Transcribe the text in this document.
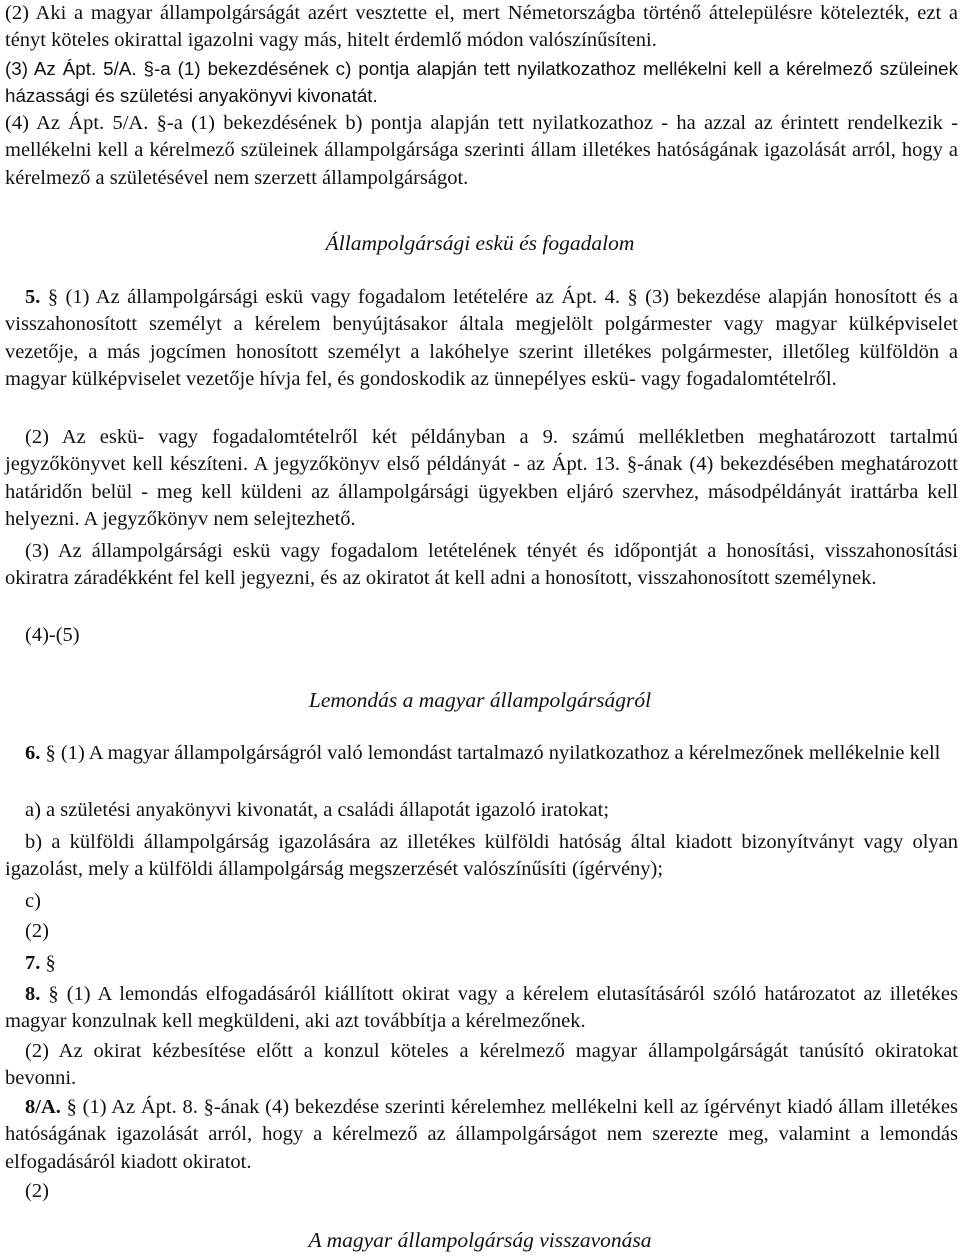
(2) Aki a magyar állampolgárságát azért vesztette el, mert Németországba történő áttelepülésre kötelezték, ezt a tényt köteles okirattal igazolni vagy más, hitelt érdemlő módon valószínűsíteni.

(3) Az Ápt. 5/A. §-a (1) bekezdésének c) pontja alapján tett nyilatkozathoz mellékelni kell a kérelmező szüleinek házassági és születési anyakönyvi kivonatát.

(4) Az Ápt. 5/A. §-a (1) bekezdésének b) pontja alapján tett nyilatkozathoz - ha azzal az érintett rendelkezik - mellékelni kell a kérelmező szüleinek állampolgársága szerinti állam illetékes hatóságának igazolását arról, hogy a kérelmező a születésével nem szerzett állampolgárságot.

Állampolgársági eskü és fogadalom

5. § (1) Az állampolgársági eskü vagy fogadalom letételére az Ápt. 4. § (3) bekezdése alapján honosított és a visszahonosított személyt a kérelem benyújtásakor általa megjelölt polgármester vagy magyar külképviselet vezetője, a más jogcímen honosított személyt a lakóhelye szerint illetékes polgármester, illetőleg külföldön a magyar külképviselet vezetője hívja fel, és gondoskodik az ünnepélyes eskü- vagy fogadalomtételről.

(2) Az eskü- vagy fogadalomtételről két példányban a 9. számú mellékletben meghatározott tartalmú jegyzőkönyvet kell készíteni. A jegyzőkönyv első példányát - az Ápt. 13. §-ának (4) bekezdésében meghatározott határidőn belül - meg kell küldeni az állampolgársági ügyekben eljáró szervhez, másodpéldányát irattárba kell helyezni. A jegyzőkönyv nem selejtezhető.

(3) Az állampolgársági eskü vagy fogadalom letételének tényét és időpontját a honosítási, visszahonosítási okiratra záradékként fel kell jegyezni, és az okiratot át kell adni a honosított, visszahonosított személynek.

(4)-(5)

Lemondás a magyar állampolgárságról

6. § (1) A magyar állampolgárságról való lemondást tartalmazó nyilatkozathoz a kérelmezőnek mellékelnie kell

a) a születési anyakönyvi kivonatát, a családi állapotát igazoló iratokat;

b) a külföldi állampolgárság igazolására az illetékes külföldi hatóság által kiadott bizonyítványt vagy olyan igazolást, mely a külföldi állampolgárság megszerzését valószínűsíti (ígérvény);

c)

(2)

7. §

8. § (1) A lemondás elfogadásáról kiállított okirat vagy a kérelem elutasításáról szóló határozatot az illetékes magyar konzulnak kell megküldeni, aki azt továbbítja a kérelmezőnek.

(2) Az okirat kézbesítése előtt a konzul köteles a kérelmező magyar állampolgárságát tanúsító okiratokat bevonni.

8/A. § (1) Az Ápt. 8. §-ának (4) bekezdése szerinti kérelemhez mellékelni kell az ígérvényt kiadó állam illetékes hatóságának igazolását arról, hogy a kérelmező az állampolgárságot nem szerezte meg, valamint a lemondás elfogadásáról kiadott okiratot.

(2)

A magyar állampolgárság visszavonása
